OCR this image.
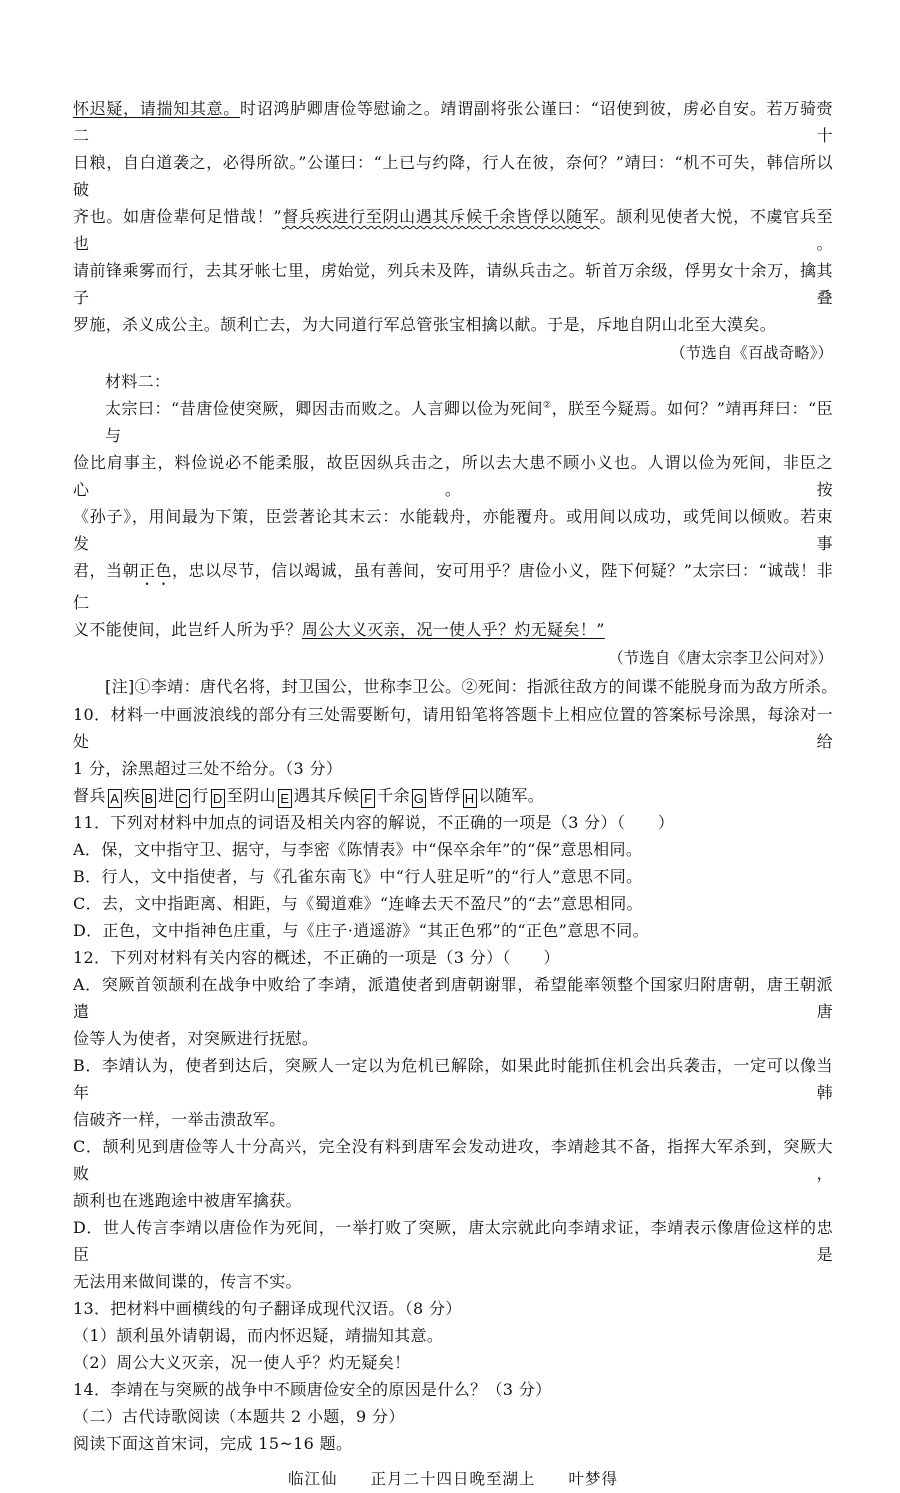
怀迟疑，请揣知其意。时诏鸿胪卿唐俭等慰谕之。靖谓副将张公谨曰：“诏使到彼，虏必自安。若万骑赍二十
日粮，自白道袭之，必得所欲。”公谨曰：“上已与约降，行人在彼，奈何？”靖曰：“机不可失，韩信所以破
齐也。如唐俭辈何足惜哉！”督兵疾进行至阴山遇其斥候千余皆俘以随军。颉利见使者大悦，不虞官兵至也。
请前锋乘雾而行，去其牙帐七里，虏始觉，列兵未及阵，请纵兵击之。斩首万余级，俘男女十余万，擒其子叠
罗施，杀义成公主。颉利亡去，为大同道行军总管张宝相擒以献。于是，斥地自阴山北至大漠矣。
（节选自《百战奇略》）
材料二：
太宗曰：“昔唐俭使突厥，卿因击而败之。人言卿以俭为死间②，朕至今疑焉。如何？”靖再拜曰：“臣与
俭比肩事主，料俭说必不能柔服，故臣因纵兵击之，所以去大患不顾小义也。人谓以俭为死间，非臣之心。按
《孙子》，用间最为下策，臣尝著论其末云：水能载舟，亦能覆舟。或用间以成功，或凭间以倾败。若束发事
君，当朝正色，忠以尽节，信以竭诚，虽有善间，安可用乎？唐俭小义，陛下何疑？”太宗曰：“诚哉！非仁
义不能使间，此岂纤人所为乎？周公大义灭亲，况一使人乎？灼无疑矣！”
（节选自《唐太宗李卫公问对》）
[注]①李靖：唐代名将，封卫国公，世称李卫公。②死间：指派往敌方的间谍不能脱身而为敌方所杀。
10．材料一中画波浪线的部分有三处需要断句，请用铅笔将答题卡上相应位置的答案标号涂黑，每涂对一处给
1 分，涂黑超过三处不给分。（3 分）
督兵 A 疾 B 进 C 行 D 至阴山 E 遇其斥候 F 千余 G 皆俘 H 以随军。
11．下列对材料中加点的词语及相关内容的解说，不正确的一项是（3 分）（　　）
A．保，文中指守卫、据守，与李密《陈情表》中“保卒余年”的“保”意思相同。
B．行人，文中指使者，与《孔雀东南飞》中“行人驻足听”的“行人”意思不同。
C．去，文中指距离、相距，与《蜀道难》“连峰去天不盈尺”的“去”意思相同。
D．正色，文中指神色庄重，与《庄子·逍遥游》“其正色邪”的“正色”意思不同。
12．下列对材料有关内容的概述，不正确的一项是（3 分）（　　）
A．突厥首领颉利在战争中败给了李靖，派遣使者到唐朝谢罪，希望能率领整个国家归附唐朝，唐王朝派遣唐
俭等人为使者，对突厥进行抚慰。
B．李靖认为，使者到达后，突厥人一定以为危机已解除，如果此时能抓住机会出兵袭击，一定可以像当年韩
信破齐一样，一举击溃敌军。
C．颉利见到唐俭等人十分高兴，完全没有料到唐军会发动进攻，李靖趁其不备，指挥大军杀到，突厥大败，
颉利也在逃跑途中被唐军擒获。
D．世人传言李靖以唐俭作为死间，一举打败了突厥，唐太宗就此向李靖求证，李靖表示像唐俭这样的忠臣是
无法用来做间谍的，传言不实。
13．把材料中画横线的句子翻译成现代汉语。（8 分）
（1）颉利虽外请朝谒，而内怀迟疑，靖揣知其意。
（2）周公大义灭亲，况一使人乎？灼无疑矣！
14．李靖在与突厥的战争中不顾唐俭安全的原因是什么？（3 分）
（二）古代诗歌阅读（本题共 2 小题，9 分）
阅读下面这首宋词，完成 15~16 题。
临江仙　　正月二十四日晚至湖上　　叶梦得
